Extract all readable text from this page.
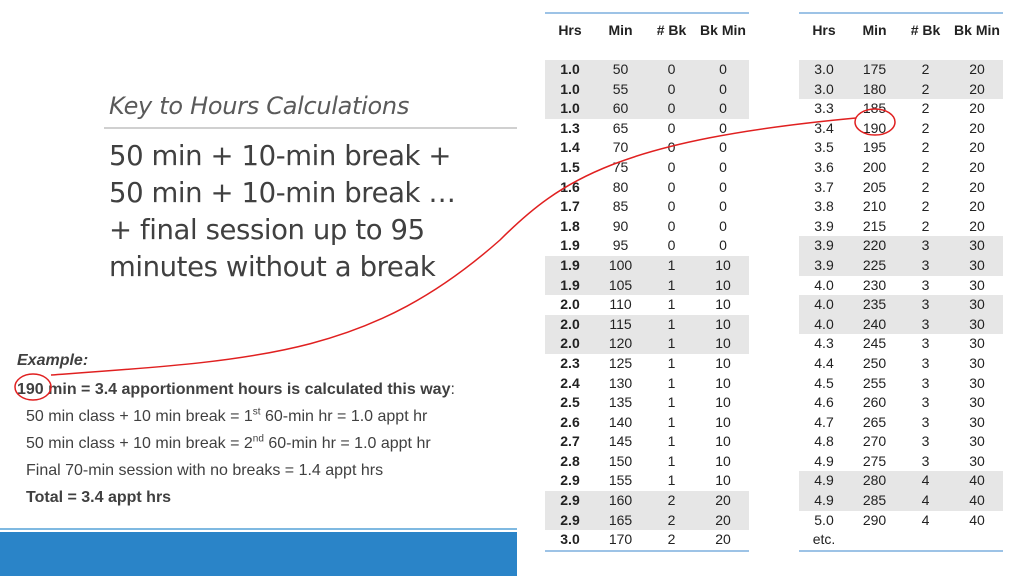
Key to Hours Calculations
50 min + 10-min break +
50 min + 10-min break …
+ final session up to 95
minutes without a break
Example:
190 min = 3.4 apportionment hours is calculated this way:
50 min class + 10 min break = 1st 60-min hr = 1.0 appt hr
50 min class + 10 min break = 2nd 60-min hr = 1.0 appt hr
Final 70-min session with no breaks = 1.4 appt hrs
Total = 3.4 appt hrs
Hrs	Min	# Bk	Bk Min
1.0	50	0	0
1.0	55	0	0
1.0	60	0	0
1.3	65	0	0
1.4	70	0	0
1.5	75	0	0
1.6	80	0	0
1.7	85	0	0
1.8	90	0	0
1.9	95	0	0
1.9	100	1	10
1.9	105	1	10
2.0	110	1	10
2.0	115	1	10
2.0	120	1	10
2.3	125	1	10
2.4	130	1	10
2.5	135	1	10
2.6	140	1	10
2.7	145	1	10
2.8	150	1	10
2.9	155	1	10
2.9	160	2	20
2.9	165	2	20
3.0	170	2	20
Hrs	Min	# Bk	Bk Min
3.0	175	2	20
3.0	180	2	20
3.3	185	2	20
3.4	190	2	20
3.5	195	2	20
3.6	200	2	20
3.7	205	2	20
3.8	210	2	20
3.9	215	2	20
3.9	220	3	30
3.9	225	3	30
4.0	230	3	30
4.0	235	3	30
4.0	240	3	30
4.3	245	3	30
4.4	250	3	30
4.5	255	3	30
4.6	260	3	30
4.7	265	3	30
4.8	270	3	30
4.9	275	3	30
4.9	280	4	40
4.9	285	4	40
5.0	290	4	40
etc.			
